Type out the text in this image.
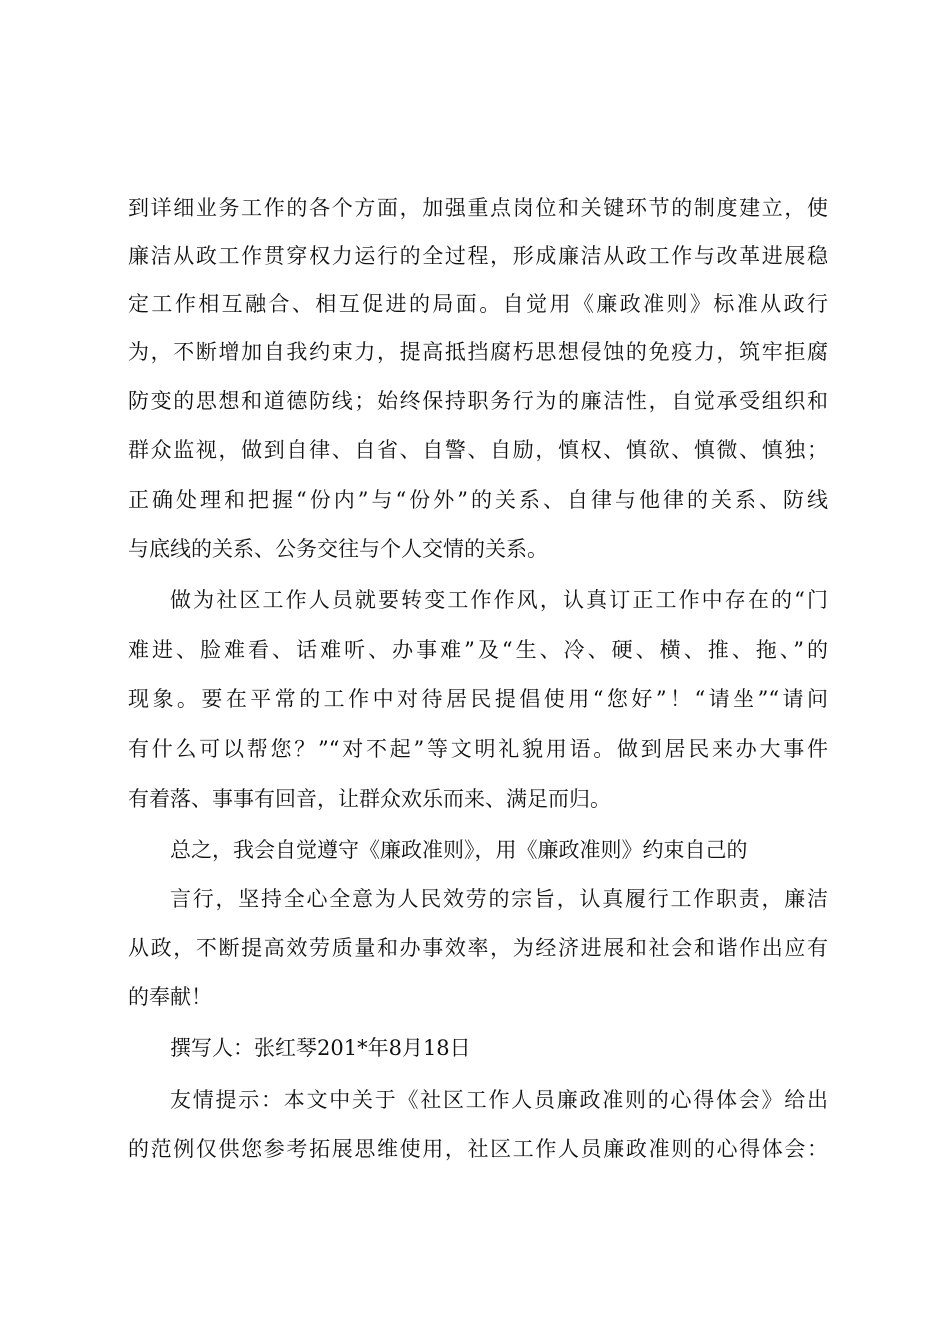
到详细业务工作的各个方面，加强重点岗位和关键环节的制度建立，使
廉洁从政工作贯穿权力运行的全过程，形成廉洁从政工作与改革进展稳
定工作相互融合、相互促进的局面。自觉用《廉政准则》标准从政行
为，不断增加自我约束力，提高抵挡腐朽思想侵蚀的免疫力，筑牢拒腐
防变的思想和道德防线；始终保持职务行为的廉洁性，自觉承受组织和
群众监视，做到自律、自省、自警、自励，慎权、慎欲、慎微、慎独；
正确处理和把握“份内”与“份外”的关系、自律与他律的关系、防线
与底线的关系、公务交往与个人交情的关系。
做为社区工作人员就要转变工作作风，认真订正工作中存在的“门
难进、脸难看、话难听、办事难”及“生、冷、硬、横、推、拖、”的
现象。要在平常的工作中对待居民提倡使用“您好”！“请坐”“请问
有什么可以帮您？”“对不起”等文明礼貌用语。做到居民来办大事件
有着落、事事有回音，让群众欢乐而来、满足而归。
总之，我会自觉遵守《廉政准则》，用《廉政准则》约束自己的
言行，坚持全心全意为人民效劳的宗旨，认真履行工作职责，廉洁
从政，不断提高效劳质量和办事效率，为经济进展和社会和谐作出应有
的奉献！
撰写人：张红琴201*年8月18日
友情提示：本文中关于《社区工作人员廉政准则的心得体会》给出
的范例仅供您参考拓展思维使用，社区工作人员廉政准则的心得体会：
